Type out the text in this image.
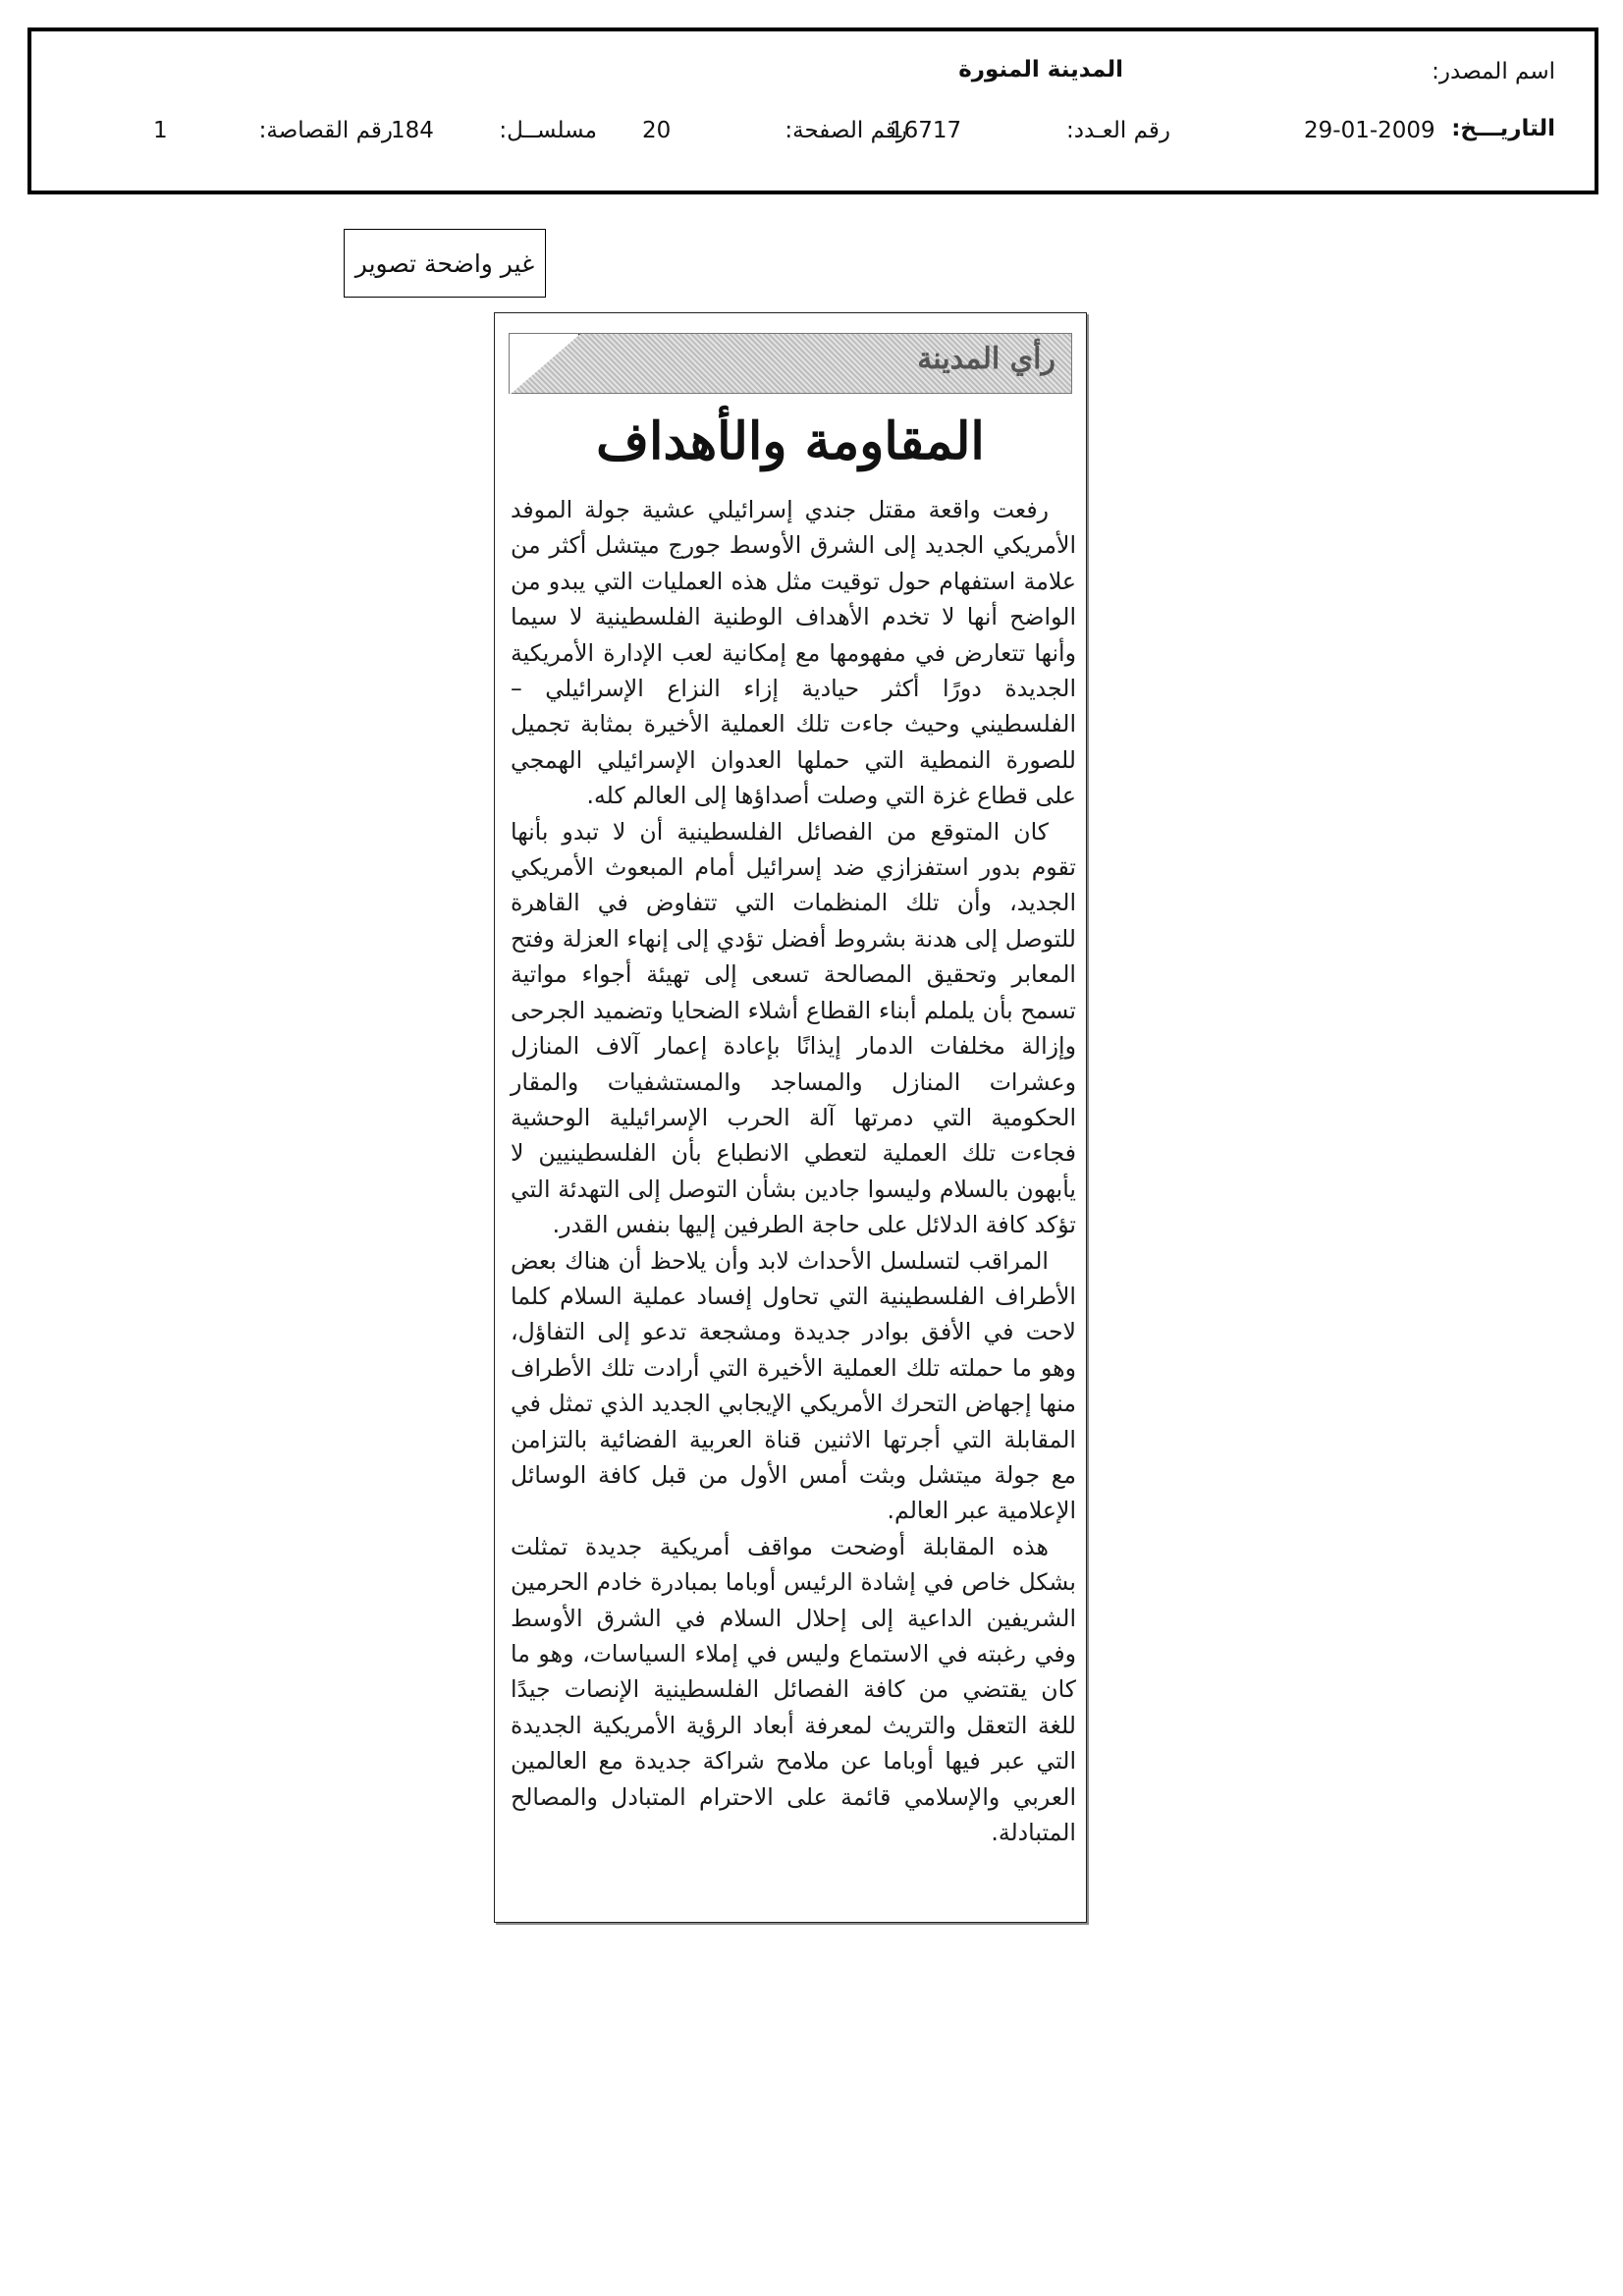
اسم المصدر:
المدينة المنورة
التاريـــخ:
29-01-2009
رقم العـدد:
16717
رقم الصفحة:
20
مسلســل:
184
رقم القصاصة:
1
غير واضحة تصوير
رأي المدينة
المقاومة والأهداف

رفعت واقعة مقتل جندي إسرائيلي عشية جولة الموفد الأمريكي الجديد إلى الشرق الأوسط جورج ميتشل أكثر من علامة استفهام حول توقيت مثل هذه العمليات التي يبدو من الواضح أنها لا تخدم الأهداف الوطنية الفلسطينية لا سيما وأنها تتعارض في مفهومها مع إمكانية لعب الإدارة الأمريكية الجديدة دورًا أكثر حيادية إزاء النزاع الإسرائيلي – الفلسطيني وحيث جاءت تلك العملية الأخيرة بمثابة تجميل للصورة النمطية التي حملها العدوان الإسرائيلي الهمجي على قطاع غزة التي وصلت أصداؤها إلى العالم كله.

كان المتوقع من الفصائل الفلسطينية أن لا تبدو بأنها تقوم بدور استفزازي ضد إسرائيل أمام المبعوث الأمريكي الجديد، وأن تلك المنظمات التي تتفاوض في القاهرة للتوصل إلى هدنة بشروط أفضل تؤدي إلى إنهاء العزلة وفتح المعابر وتحقيق المصالحة تسعى إلى تهيئة أجواء مواتية تسمح بأن يلملم أبناء القطاع أشلاء الضحايا وتضميد الجرحى وإزالة مخلفات الدمار إيذانًا بإعادة إعمار آلاف المنازل وعشرات المنازل والمساجد والمستشفيات والمقار الحكومية التي دمرتها آلة الحرب الإسرائيلية الوحشية فجاءت تلك العملية لتعطي الانطباع بأن الفلسطينيين لا يأبهون بالسلام وليسوا جادين بشأن التوصل إلى التهدئة التي تؤكد كافة الدلائل على حاجة الطرفين إليها بنفس القدر.

المراقب لتسلسل الأحداث لابد وأن يلاحظ أن هناك بعض الأطراف الفلسطينية التي تحاول إفساد عملية السلام كلما لاحت في الأفق بوادر جديدة ومشجعة تدعو إلى التفاؤل، وهو ما حملته تلك العملية الأخيرة التي أرادت تلك الأطراف منها إجهاض التحرك الأمريكي الإيجابي الجديد الذي تمثل في المقابلة التي أجرتها الاثنين قناة العربية الفضائية بالتزامن مع جولة ميتشل وبثت أمس الأول من قبل كافة الوسائل الإعلامية عبر العالم.

هذه المقابلة أوضحت مواقف أمريكية جديدة تمثلت بشكل خاص في إشادة الرئيس أوباما بمبادرة خادم الحرمين الشريفين الداعية إلى إحلال السلام في الشرق الأوسط وفي رغبته في الاستماع وليس في إملاء السياسات، وهو ما كان يقتضي من كافة الفصائل الفلسطينية الإنصات جيدًا للغة التعقل والتريث لمعرفة أبعاد الرؤية الأمريكية الجديدة التي عبر فيها أوباما عن ملامح شراكة جديدة مع العالمين العربي والإسلامي قائمة على الاحترام المتبادل والمصالح المتبادلة.
